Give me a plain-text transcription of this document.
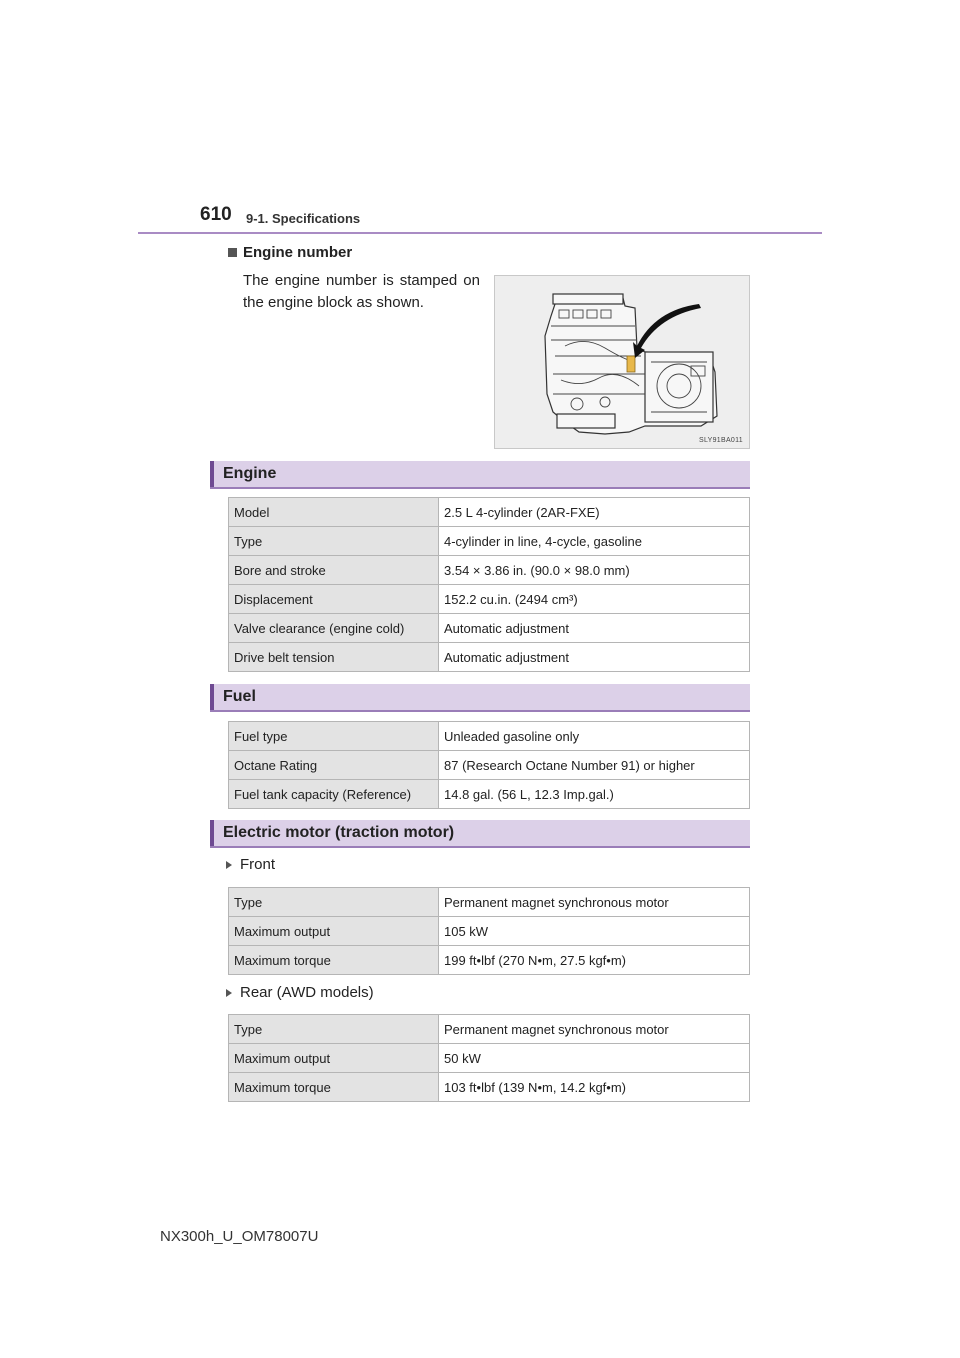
610 9-1. Specifications
Engine number
The engine number is stamped on the engine block as shown.
SLY91BA011
Engine
Model	2.5 L 4-cylinder (2AR-FXE)
Type	4-cylinder in line, 4-cycle, gasoline
Bore and stroke	3.54 × 3.86 in. (90.0 × 98.0 mm)
Displacement	152.2 cu.in. (2494 cm³)
Valve clearance (engine cold)	Automatic adjustment
Drive belt tension	Automatic adjustment
Fuel
Fuel type	Unleaded gasoline only
Octane Rating	87 (Research Octane Number 91) or higher
Fuel tank capacity (Reference)	14.8 gal. (56 L, 12.3 Imp.gal.)
Electric motor (traction motor)
Front
Type	Permanent magnet synchronous motor
Maximum output	105 kW
Maximum torque	199 ft•lbf (270 N•m, 27.5 kgf•m)
Rear (AWD models)
Type	Permanent magnet synchronous motor
Maximum output	50 kW
Maximum torque	103 ft•lbf (139 N•m, 14.2 kgf•m)
NX300h_U_OM78007U
